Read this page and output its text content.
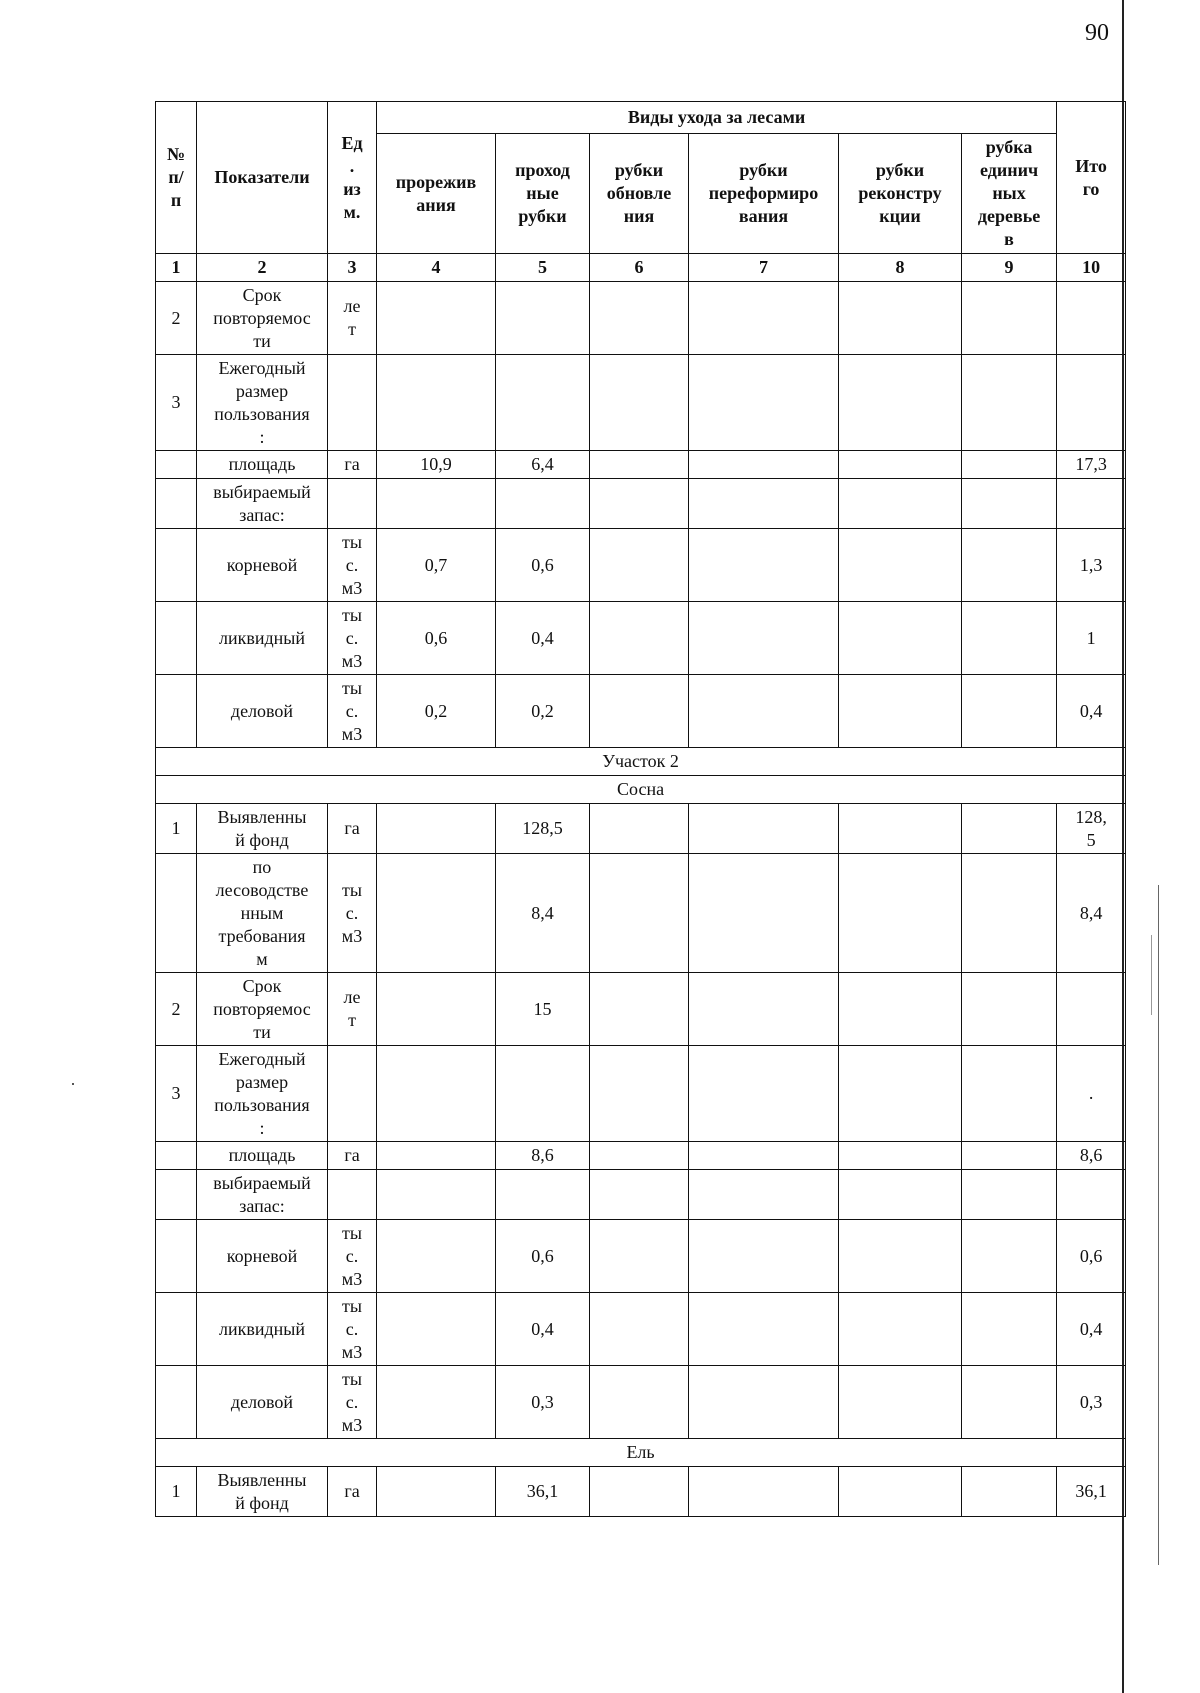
90
№
п/
п	Показатели	Ед
.
из
м.	Виды ухода за лесами						Ито
го
			прорежив
ания	проход
ные
рубки	рубки
обновле
ния	рубки
переформиро
вания	рубки
реконстру
кции	рубка
единич
ных
деревье
в	
1	2	3	4	5	6	7	8	9	10
2	Срок
повторяемос
ти	ле
т							
3	Ежегодный
размер
пользования
:								
	площадь	га	10,9	6,4					17,3
	выбираемый
запас:								
	корневой	ты
с.
м3	0,7	0,6					1,3
	ликвидный	ты
с.
м3	0,6	0,4					1
	деловой	ты
с.
м3	0,2	0,2					0,4
Участок 2									
Сосна									
1	Выявленны
й фонд	га		128,5					128,
5
	по
лесоводстве
нным
требования
м	ты
с.
м3		8,4					8,4
2	Срок
повторяемос
ти	ле
т		15					
3	Ежегодный
размер
пользования
:								.
	площадь	га		8,6					8,6
	выбираемый
запас:								
	корневой	ты
с.
м3		0,6					0,6
	ликвидный	ты
с.
м3		0,4					0,4
	деловой	ты
с.
м3		0,3					0,3
Ель									
1	Выявленны
й фонд	га		36,1					36,1
